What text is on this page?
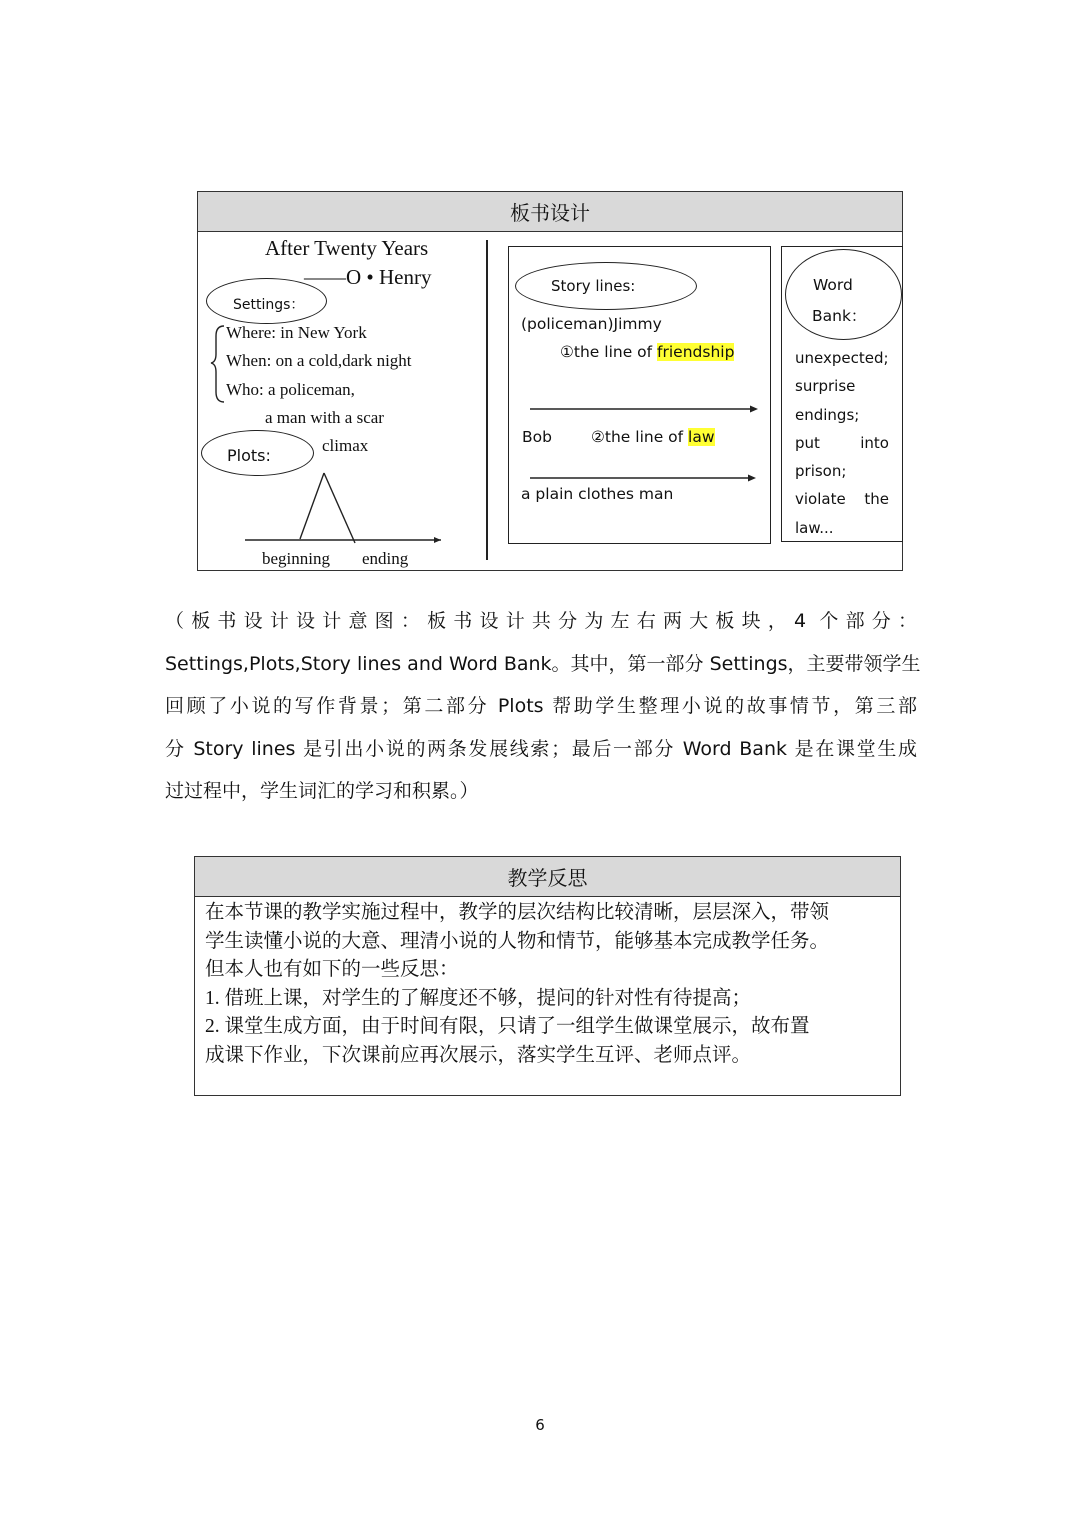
板书设计
After Twenty Years
——O • Henry
Settings：
Where: in New York
When: on a cold,dark night
Who: a policeman,
a man with a scar
Plots:
climax
beginning ending
Story lines:
(policeman)Jimmy
①the line of friendship
Bob	②the line of law
a plain clothes man
Word
Bank：
unexpected;
surprise
endings;
put into
prison;
violate the
law...
（板书设计设计意图：板书设计共分为左右两大板块，4 个部分：
Settings,Plots,Story lines and Word Bank。其中，第一部分 Settings，主要带领学生
回顾了小说的写作背景；第二部分 Plots 帮助学生整理小说的故事情节，第三部
分 Story lines 是引出小说的两条发展线索；最后一部分 Word Bank 是在课堂生成
过过程中，学生词汇的学习和积累。）
教学反思
在本节课的教学实施过程中，教学的层次结构比较清晰，层层深入，带领
学生读懂小说的大意、理清小说的人物和情节，能够基本完成教学任务。
但本人也有如下的一些反思：
1. 借班上课，对学生的了解度还不够，提问的针对性有待提高；
2. 课堂生成方面，由于时间有限，只请了一组学生做课堂展示，故布置
成课下作业，下次课前应再次展示，落实学生互评、老师点评。
6
